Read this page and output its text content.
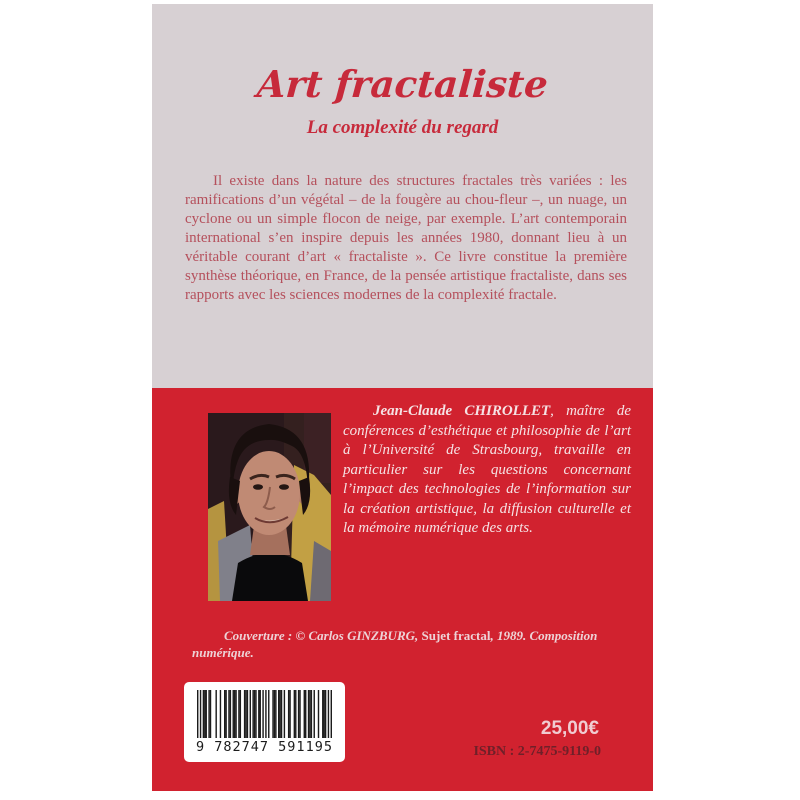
Art fractaliste
La complexité du regard

Il existe dans la nature des structures fractales très variées : les ramifications d’un végétal – de la fougère au chou-fleur –, un nuage, un cyclone ou un simple flocon de neige, par exemple. L’art contemporain international s’en inspire depuis les années 1980, donnant lieu à un véritable courant d’art « fractaliste ». Ce livre constitue la première synthèse théorique, en France, de la pensée artistique fractaliste, dans ses rapports avec les sciences modernes de la complexité fractale.

Jean-Claude CHIROLLET, maître de conférences d’esthétique et philosophie de l’art à l’Université de Strasbourg, travaille en particulier sur les questions concernant l’impact des technologies de l’information sur la création artistique, la diffusion culturelle et la mémoire numérique des arts.

Couverture : © Carlos GINZBURG, Sujet fractal, 1989. Composition numérique.

9 782747 591195
25,00€
ISBN : 2-7475-9119-0
